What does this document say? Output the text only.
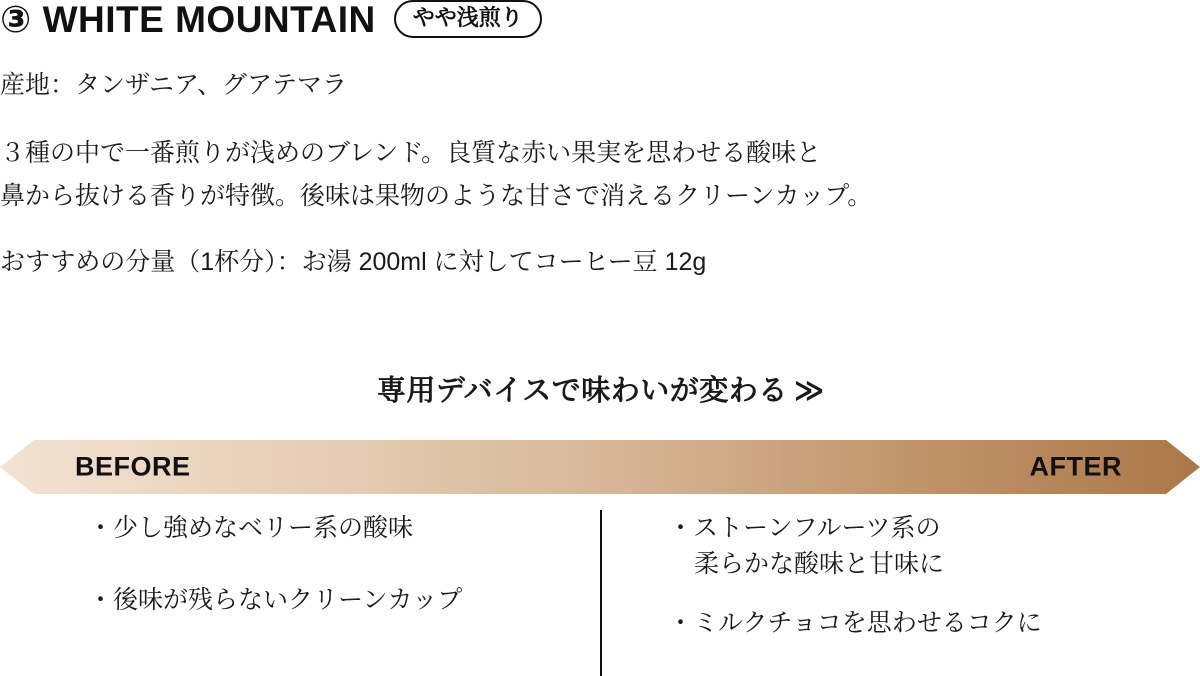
③ WHITE MOUNTAIN	やや浅煎り
産地：タンザニア、グアテマラ
３種の中で一番煎りが浅めのブレンド。良質な赤い果実を思わせる酸味と
鼻から抜ける香りが特徴。後味は果物のような甘さで消えるクリーンカップ。
おすすめの分量（1杯分）：お湯 200ml に対してコーヒー豆 12g
専用デバイスで味わいが変わる ≫
BEFORE	AFTER
・少し強めなベリー系の酸味
・後味が残らないクリーンカップ
・ストーンフルーツ系の
柔らかな酸味と甘味に
・ミルクチョコを思わせるコクに
